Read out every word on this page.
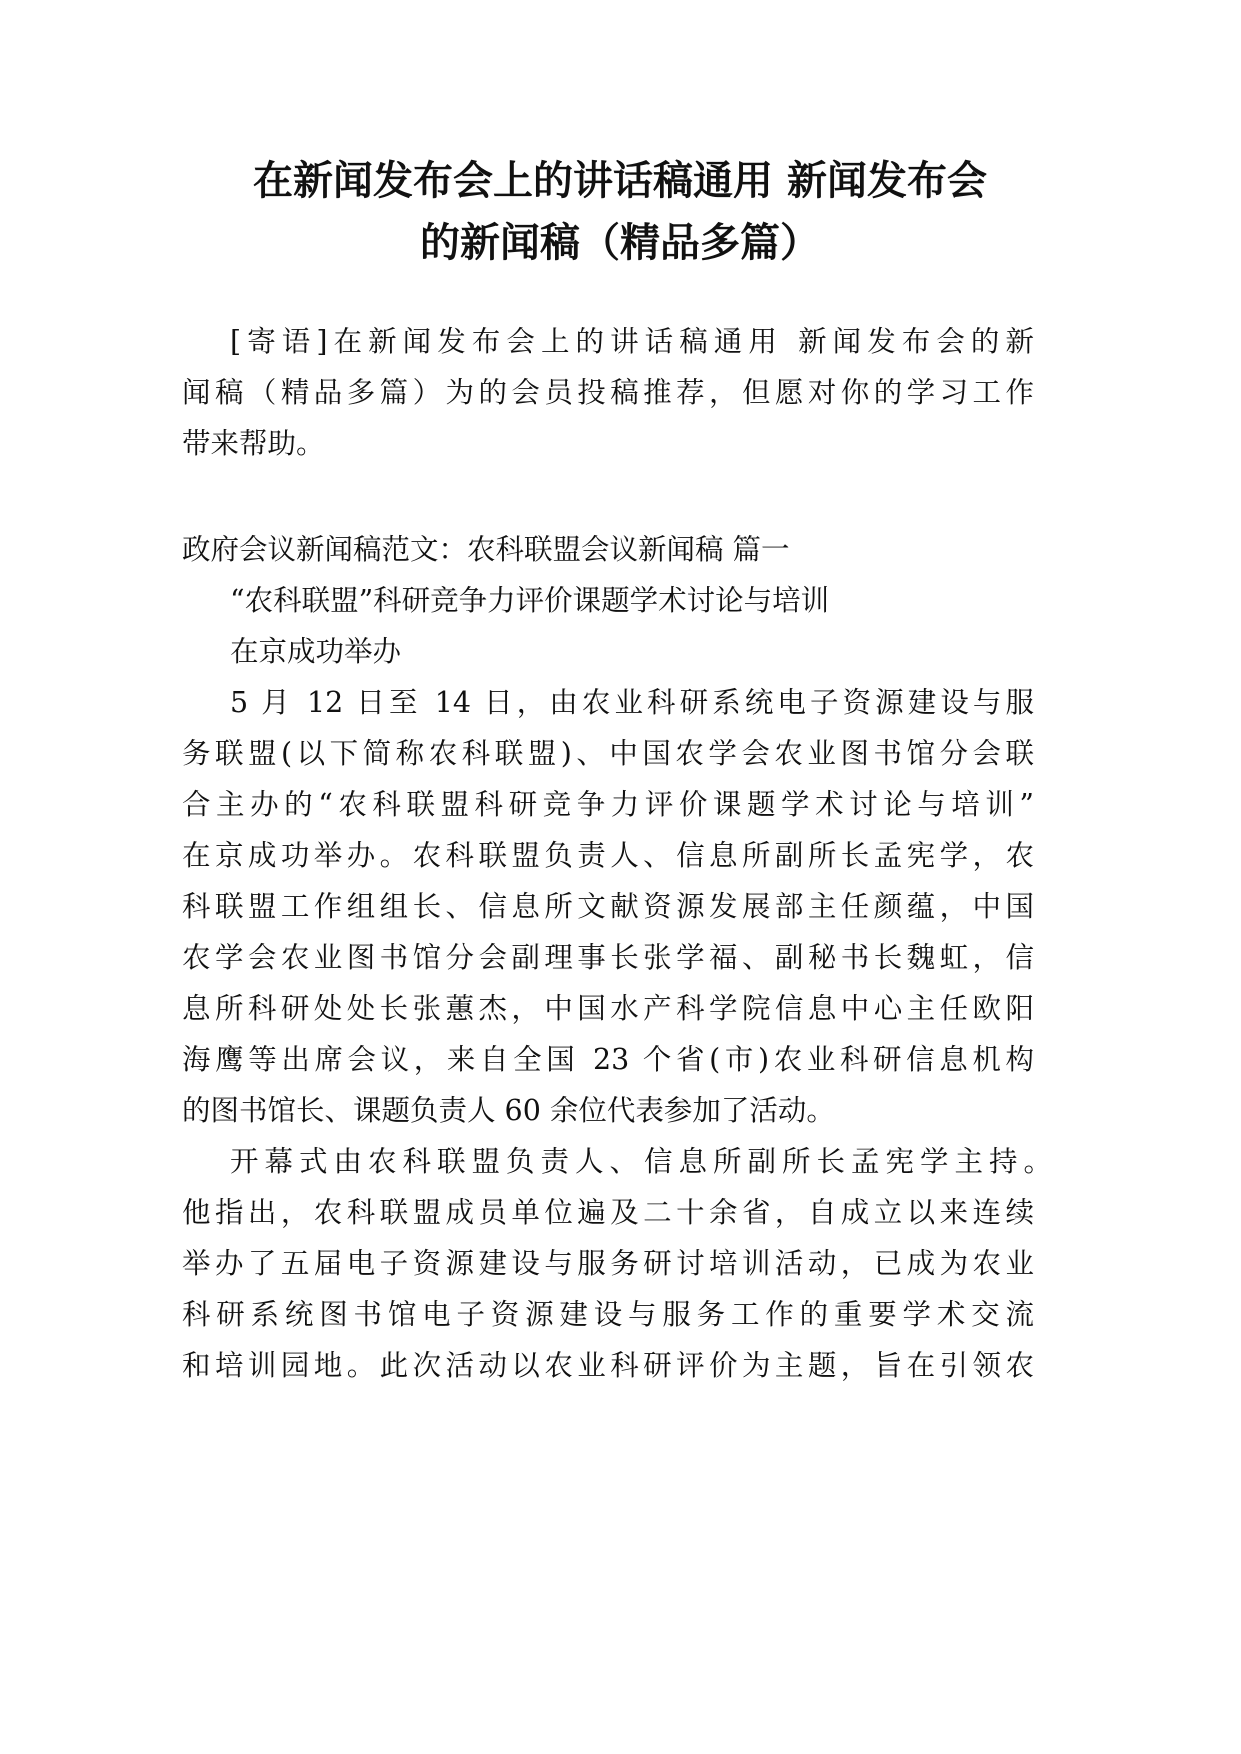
在新闻发布会上的讲话稿通用 新闻发布会
的新闻稿（精品多篇）

[寄语]在新闻发布会上的讲话稿通用 新闻发布会的新

闻稿（精品多篇）为的会员投稿推荐，但愿对你的学习工作

带来帮助。

政府会议新闻稿范文：农科联盟会议新闻稿 篇一

“农科联盟”科研竞争力评价课题学术讨论与培训

在京成功举办

5 月 12 日至 14 日，由农业科研系统电子资源建设与服

务联盟(以下简称农科联盟)、中国农学会农业图书馆分会联

合主办的“农科联盟科研竞争力评价课题学术讨论与培训”

在京成功举办。农科联盟负责人、信息所副所长孟宪学，农

科联盟工作组组长、信息所文献资源发展部主任颜蕴，中国

农学会农业图书馆分会副理事长张学福、副秘书长魏虹，信

息所科研处处长张蕙杰，中国水产科学院信息中心主任欧阳

海鹰等出席会议，来自全国 23 个省(市)农业科研信息机构

的图书馆长、课题负责人 60 余位代表参加了活动。

开幕式由农科联盟负责人、信息所副所长孟宪学主持。

他指出，农科联盟成员单位遍及二十余省，自成立以来连续

举办了五届电子资源建设与服务研讨培训活动，已成为农业

科研系统图书馆电子资源建设与服务工作的重要学术交流

和培训园地。此次活动以农业科研评价为主题，旨在引领农
